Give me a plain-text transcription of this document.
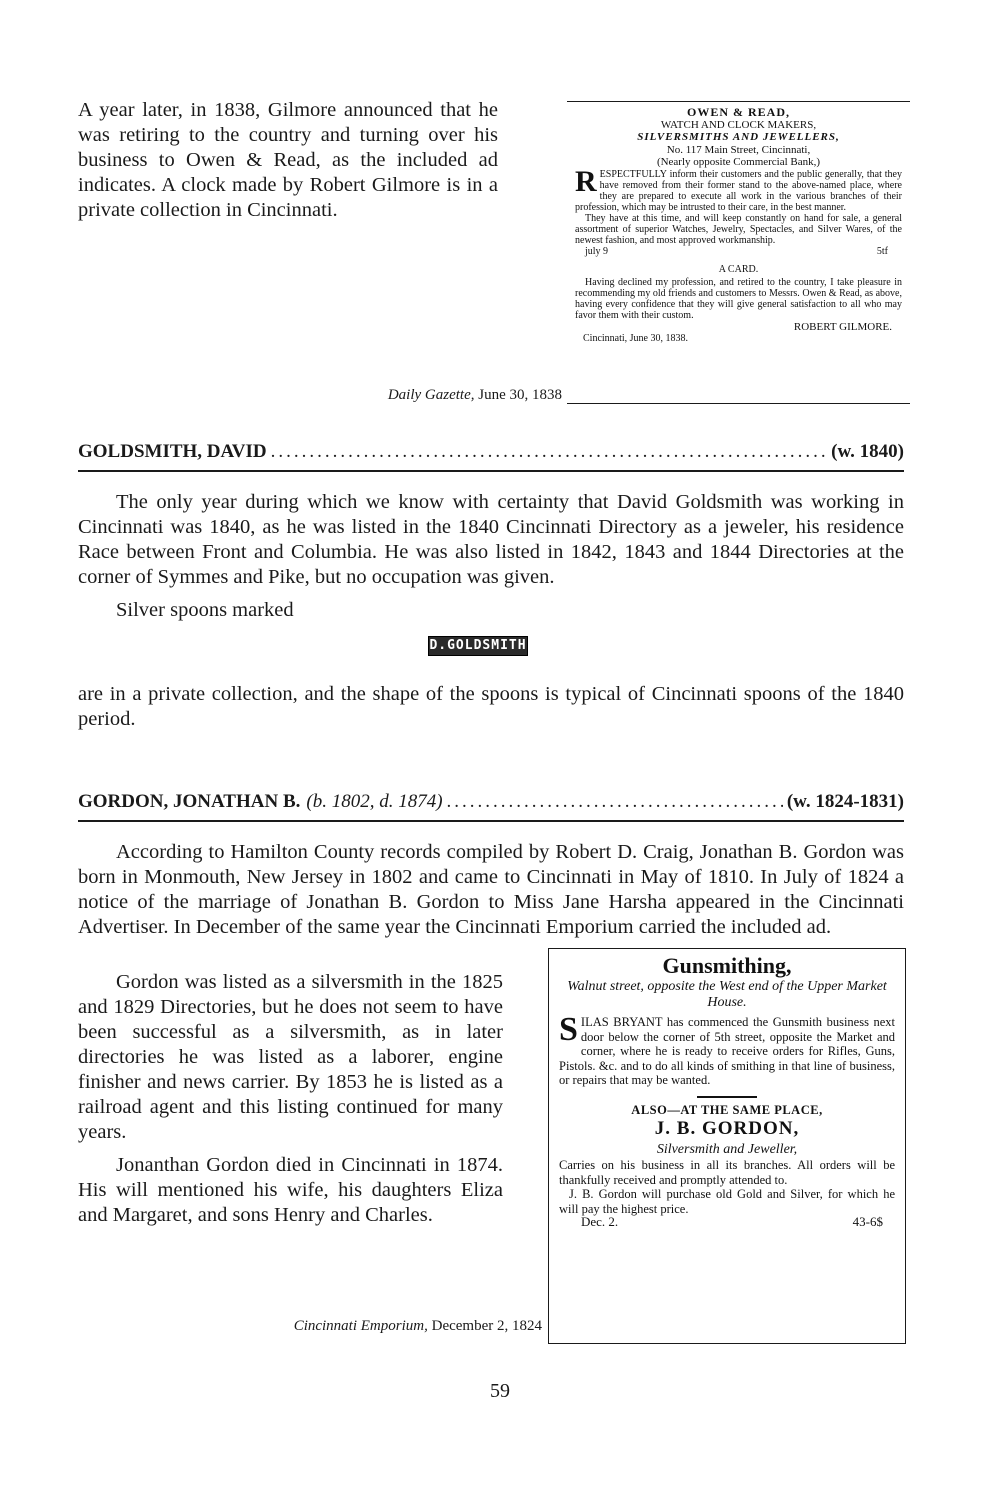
A year later, in 1838, Gilmore announced that he was retiring to the country and turning over his business to Owen & Read, as the included ad indicates. A clock made by Robert Gilmore is in a private collection in Cincinnati.
Daily Gazette, June 30, 1838

OWEN & READ,

WATCH AND CLOCK MAKERS,

SILVERSMITHS AND JEWELLERS,

No. 117 Main Street, Cincinnati,

(Nearly opposite Commercial Bank,)

RESPECTFULLY inform their customers and the public generally, that they have removed from their former stand to the above-named place, where they are prepared to execute all work in the various branches of their profession, which may be intrusted to their care, in the best manner.

They have at this time, and will keep constantly on hand for sale, a general assortment of superior Watches, Jewelry, Spectacles, and Silver Wares, of the newest fashion, and most approved workmanship.

july 9	5tf

A CARD.

Having declined my profession, and retired to the country, I take pleasure in recommending my old friends and customers to Messrs. Owen & Read, as above, having every confidence that they will give general satisfaction to all who may favor them with their custom.

ROBERT GILMORE.

Cincinnati, June 30, 1838.

GOLDSMITH, DAVID .....	(w. 1840)
The only year during which we know with certainty that David Goldsmith was working in Cincinnati was 1840, as he was listed in the 1840 Cincinnati Directory as a jeweler, his residence Race between Front and Columbia. He was also listed in 1842, 1843 and 1844 Directories at the corner of Symmes and Pike, but no occupation was given.
Silver spoons marked
D.GOLDSMITH
are in a private collection, and the shape of the spoons is typical of Cincinnati spoons of the 1840 period.
GORDON, JONATHAN B. (b. 1802, d. 1874) .....	(w. 1824-1831)
According to Hamilton County records compiled by Robert D. Craig, Jonathan B. Gordon was born in Monmouth, New Jersey in 1802 and came to Cincinnati in May of 1810. In July of 1824 a notice of the marriage of Jonathan B. Gordon to Miss Jane Harsha appeared in the Cincinnati Advertiser. In December of the same year the Cincinnati Emporium carried the included ad.
Gordon was listed as a silversmith in the 1825 and 1829 Directories, but he does not seem to have been successful as a silversmith, as in later directories he was listed as a laborer, engine finisher and news carrier. By 1853 he is listed as a railroad agent and this listing continued for many years.
Jonanthan Gordon died in Cincinnati in 1874. His will mentioned his wife, his daughters Eliza and Margaret, and sons Henry and Charles.
Cincinnati Emporium, December 2, 1824
Gunsmithing,
Walnut street, opposite the West end of the Upper Market House.
SILAS BRYANT has commenced the Gunsmith business next door below the corner of 5th street, opposite the Market and corner, where he is ready to receive orders for Rifles, Guns, Pistols. &c. and to do all kinds of smithing in that line of business, or repairs that may be wanted.
ALSO—AT THE SAME PLACE,
J. B. GORDON,
Silversmith and Jeweller,
Carries on his business in all its branches. All orders will be thankfully received and promptly attended to.
J. B. Gordon will purchase old Gold and Silver, for which he will pay the highest price.
Dec. 2.	43-6$
59
